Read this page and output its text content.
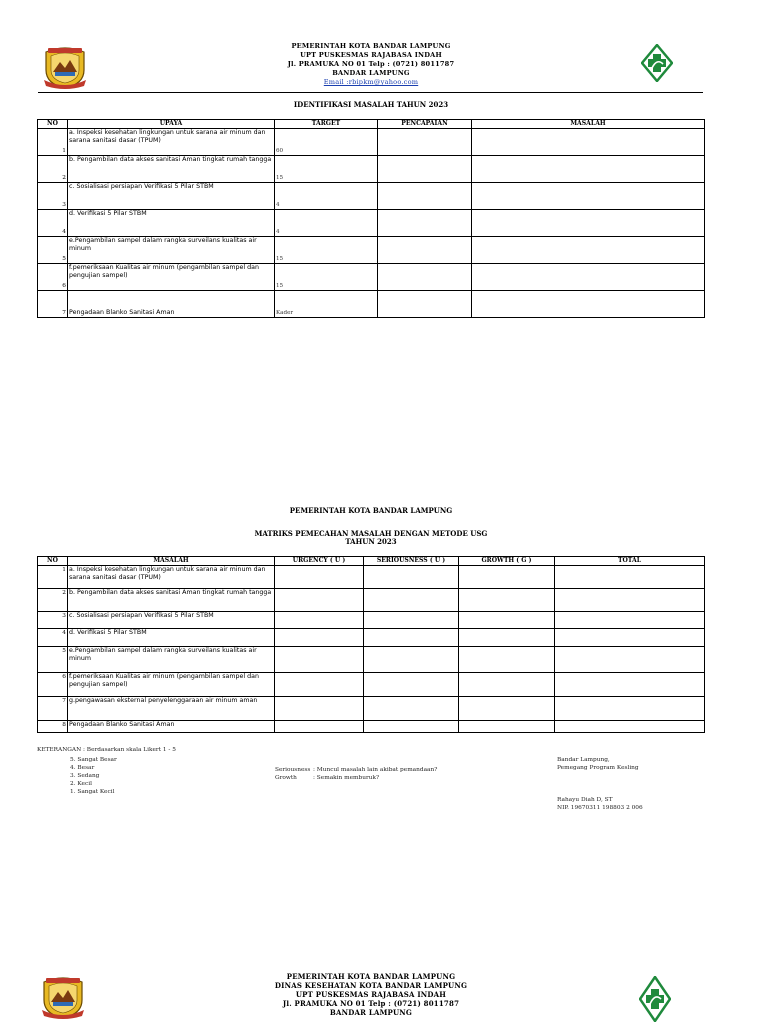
PEMERINTAH KOTA BANDAR LAMPUNG
UPT PUSKESMAS RAJABASA INDAH
Jl. PRAMUKA NO 01 Telp : (0721) 8011787
BANDAR LAMPUNG
Email :rbipkm@yahoo.com
IDENTIFIKASI MASALAH TAHUN 2023
NO	UPAYA	TARGET	PENCAPAIAN	MASALAH
1	a. Inspeksi kesehatan lingkungan untuk sarana air minum dan sarana sanitasi dasar (TPUM)	60		
2	b. Pengambilan data akses sanitasi Aman tingkat rumah tangga	15		
3	c. Sosialisasi persiapan Verifikasi 5 Pilar STBM	4		
4	d. Verifikasi 5 Pilar STBM	4		
5	e.Pengambilan sampel dalam rangka surveilans kualitas air minum	15		
6	f.pemeriksaan Kualitas air minum (pengambilan sampel dan pengujian sampel)	15		
7	Pengadaan Blanko Sanitasi Aman	Kader		
PEMERINTAH KOTA BANDAR LAMPUNG
MATRIKS PEMECAHAN MASALAH DENGAN METODE USG
TAHUN 2023
NO	MASALAH	URGENCY ( U )	SERIOUSNESS ( U )	GROWTH ( G )	TOTAL
1	a. Inspeksi kesehatan lingkungan untuk sarana air minum dan sarana sanitasi dasar (TPUM)				
2	b. Pengambilan data akses sanitasi Aman tingkat rumah tangga				
3	c. Sosialisasi persiapan Verifikasi 5 Pilar STBM				
4	d. Verifikasi 5 Pilar STBM				
5	e.Pengambilan sampel dalam rangka surveilans kualitas air minum				
6	f.pemeriksaan Kualitas air minum (pengambilan sampel dan pengujian sampel)				
7	g.pengawasan eksternal penyelenggaraan air minum aman				
8	Pengadaan Blanko Sanitasi Aman				
KETERANGAN : Berdasarkan skala Likert 1 - 5
5. Sangat Besar
4. Besar
3. Sedang
2. Kecil
1. Sangat Kecil
Seriousness : Muncul masalah lain akibat pemandaan?
Growth	: Semakin memburuk?
Bandar Lampung,
Pemegang Program Kesling
Rahayu Diah D, ST
NIP. 19670311 198803 2 006
PEMERINTAH KOTA BANDAR LAMPUNG
DINAS KESEHATAN KOTA BANDAR LAMPUNG
UPT PUSKESMAS RAJABASA INDAH
Jl. PRAMUKA NO 01 Telp : (0721) 8011787
BANDAR LAMPUNG
